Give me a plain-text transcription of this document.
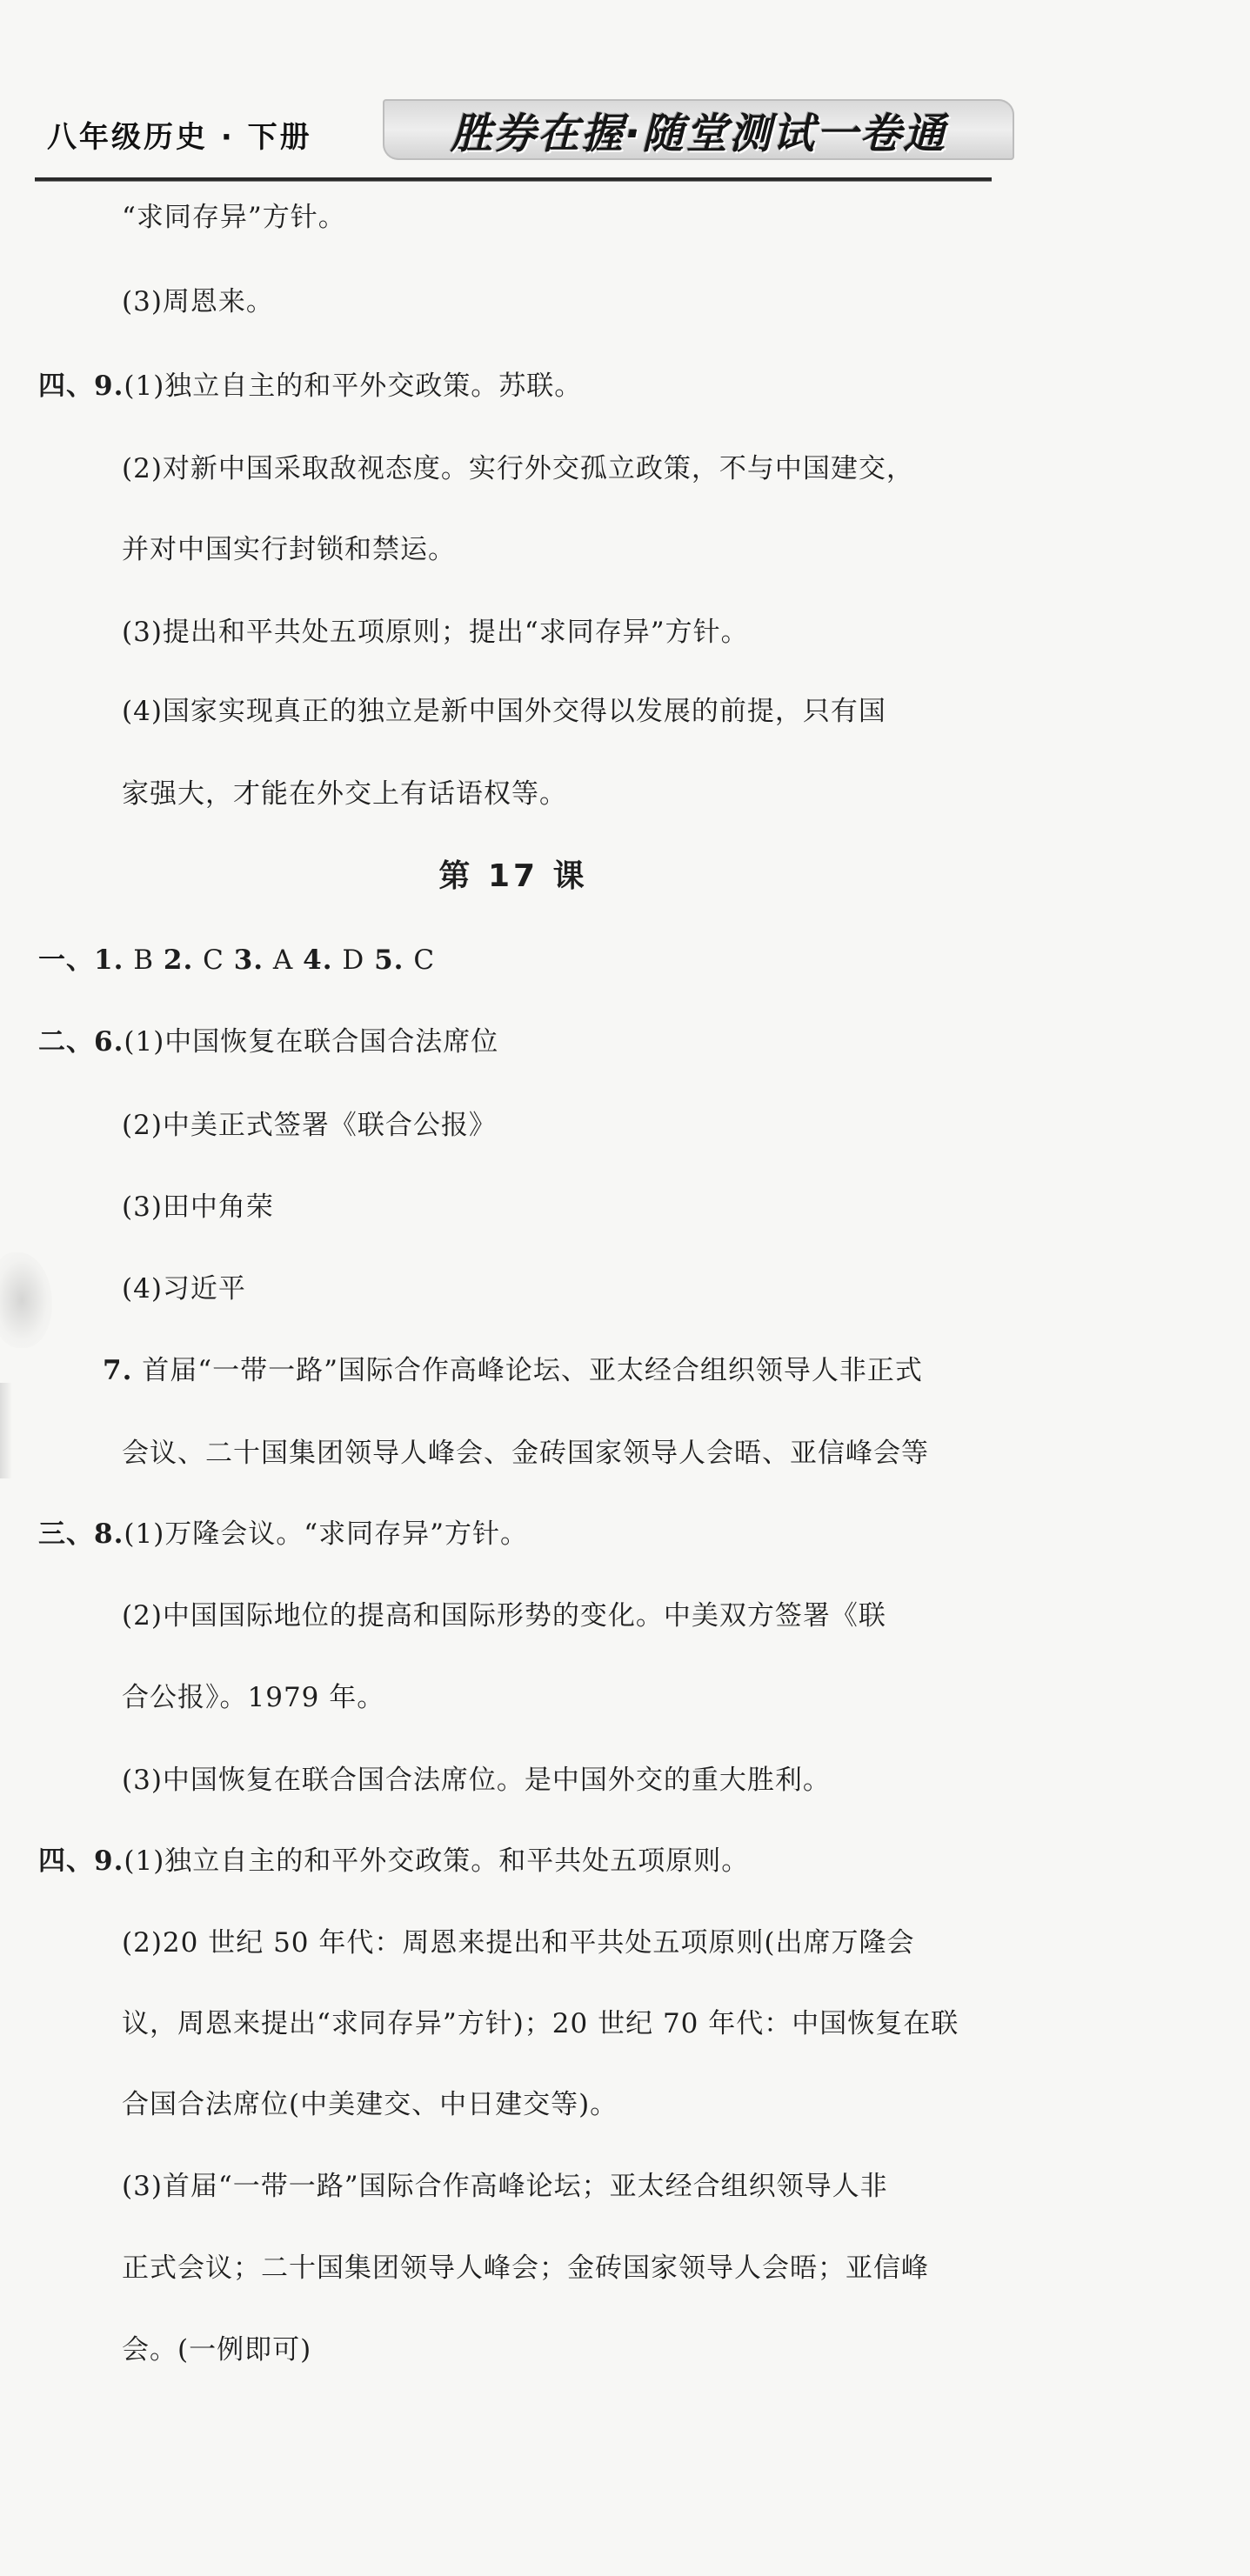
八年级历史 · 下册	胜券在握·随堂测试一卷通
“求同存异”方针。
(3)周恩来。
四、9.(1)独立自主的和平外交政策。苏联。
(2)对新中国采取敌视态度。实行外交孤立政策，不与中国建交，
并对中国实行封锁和禁运。
(3)提出和平共处五项原则；提出“求同存异”方针。
(4)国家实现真正的独立是新中国外交得以发展的前提，只有国
家强大，才能在外交上有话语权等。
第 17 课
一、1. B 2. C 3. A 4. D 5. C
二、6.(1)中国恢复在联合国合法席位
(2)中美正式签署《联合公报》
(3)田中角荣
(4)习近平
7. 首届“一带一路”国际合作高峰论坛、亚太经合组织领导人非正式
会议、二十国集团领导人峰会、金砖国家领导人会晤、亚信峰会等
三、8.(1)万隆会议。“求同存异”方针。
(2)中国国际地位的提高和国际形势的变化。中美双方签署《联
合公报》。1979 年。
(3)中国恢复在联合国合法席位。是中国外交的重大胜利。
四、9.(1)独立自主的和平外交政策。和平共处五项原则。
(2)20 世纪 50 年代：周恩来提出和平共处五项原则(出席万隆会
议，周恩来提出“求同存异”方针)；20 世纪 70 年代：中国恢复在联
合国合法席位(中美建交、中日建交等)。
(3)首届“一带一路”国际合作高峰论坛；亚太经合组织领导人非
正式会议；二十国集团领导人峰会；金砖国家领导人会晤；亚信峰
会。(一例即可)
